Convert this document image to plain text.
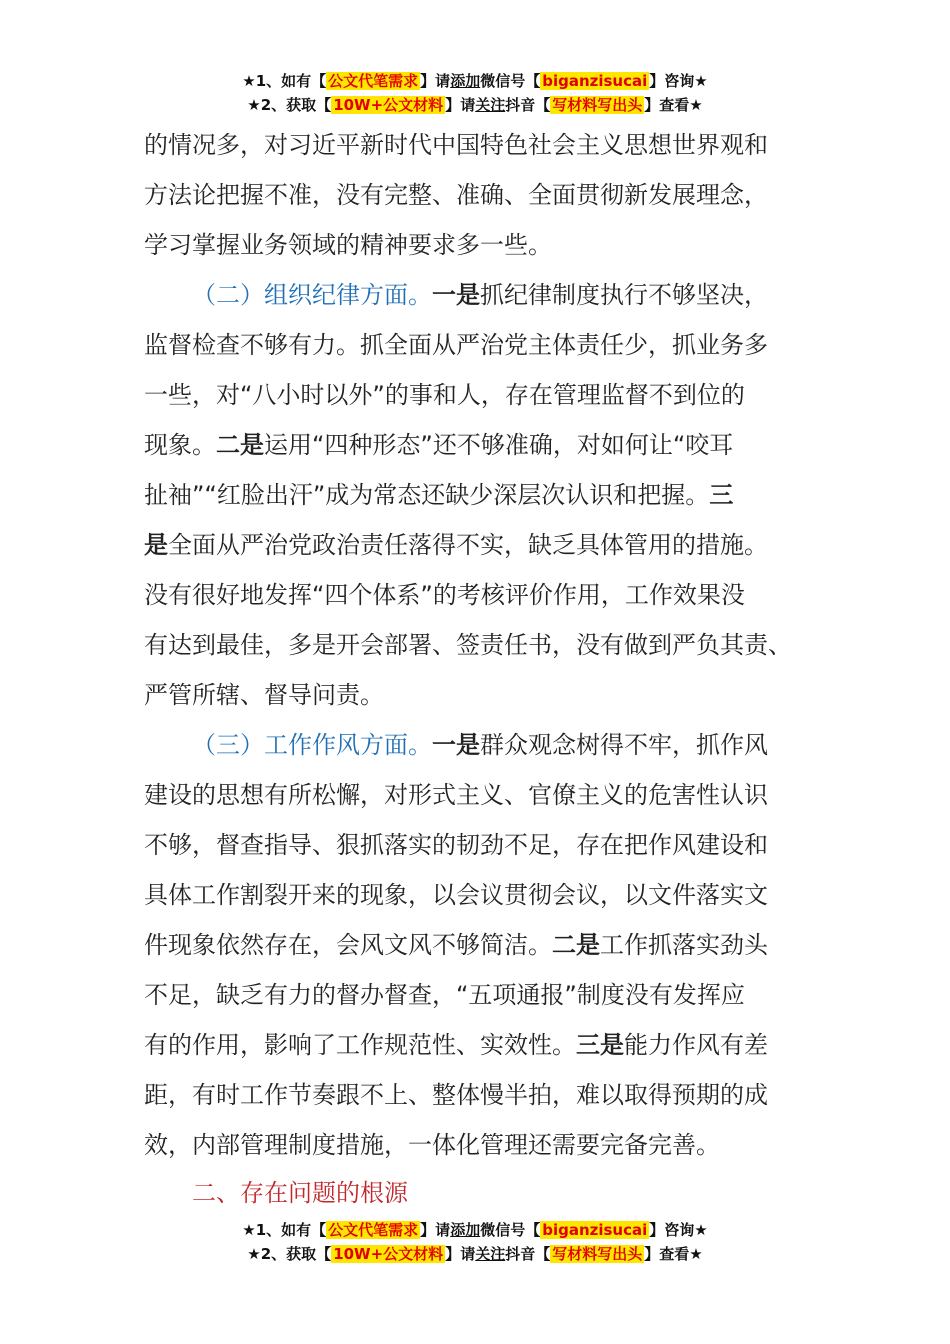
★1、如有【 公文代笔需求 】请添加微信号【 biganzisucai 】咨询★
★2、获取【 10W+公文材料 】请关注抖音【 写材料写出头 】查看★
的情况多，对习近平新时代中国特色社会主义思想世界观和
方法论把握不准，没有完整、准确、全面贯彻新发展理念，
学习掌握业务领域的精神要求多一些。
（二）组织纪律方面。一是抓纪律制度执行不够坚决，
监督检查不够有力。抓全面从严治党主体责任少，抓业务多
一些，对“八小时以外”的事和人，存在管理监督不到位的
现象。二是运用“四种形态”还不够准确，对如何让“咬耳
扯袖”“红脸出汗”成为常态还缺少深层次认识和把握。三
是全面从严治党政治责任落得不实，缺乏具体管用的措施。
没有很好地发挥“四个体系”的考核评价作用，工作效果没
有达到最佳，多是开会部署、签责任书，没有做到严负其责、
严管所辖、督导问责。
（三）工作作风方面。一是群众观念树得不牢，抓作风
建设的思想有所松懈，对形式主义、官僚主义的危害性认识
不够，督查指导、狠抓落实的韧劲不足，存在把作风建设和
具体工作割裂开来的现象，以会议贯彻会议，以文件落实文
件现象依然存在，会风文风不够简洁。二是工作抓落实劲头
不足，缺乏有力的督办督查，“五项通报”制度没有发挥应
有的作用，影响了工作规范性、实效性。三是能力作风有差
距，有时工作节奏跟不上、整体慢半拍，难以取得预期的成
效，内部管理制度措施，一体化管理还需要完备完善。
二、存在问题的根源
★1、如有【 公文代笔需求 】请添加微信号【 biganzisucai 】咨询★
★2、获取【 10W+公文材料 】请关注抖音【 写材料写出头 】查看★
